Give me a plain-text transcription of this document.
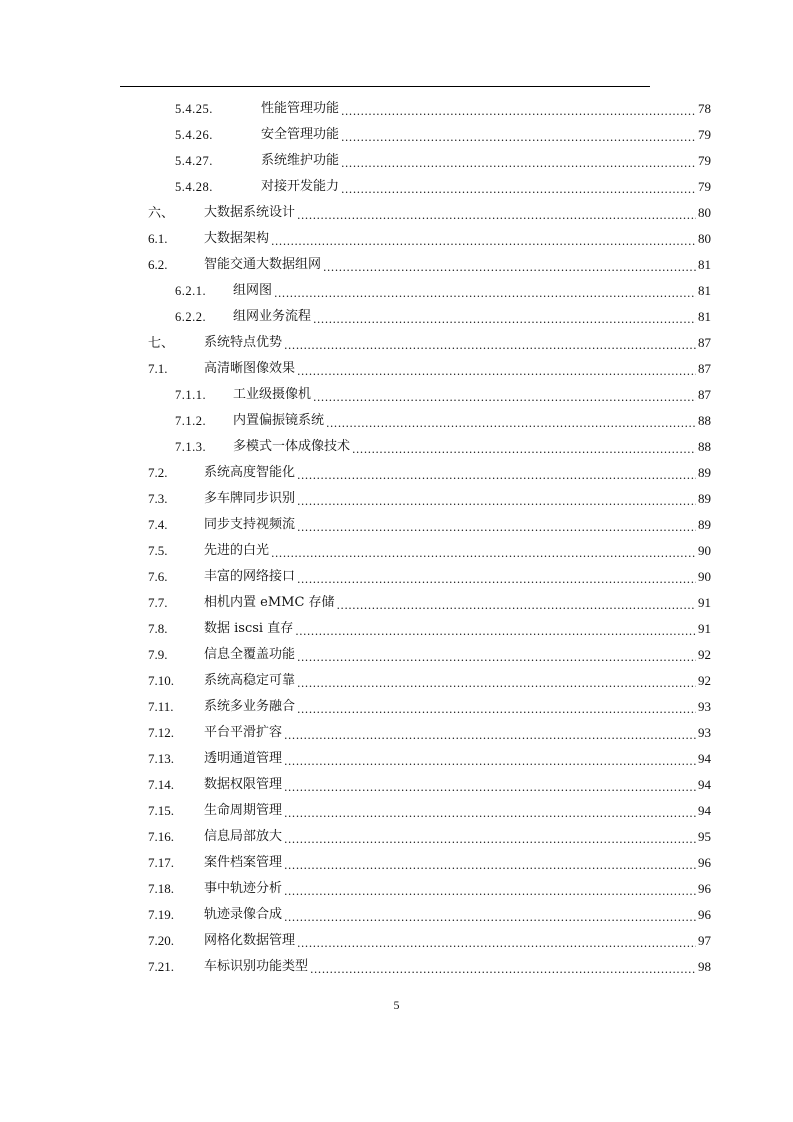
5.4.25.	性能管理功能 .....	78
5.4.26.	安全管理功能 .....	79
5.4.27.	系统维护功能 .....	79
5.4.28.	对接开发能力 .....	79
六、	大数据系统设计 .....	80
6.1.	大数据架构 .....	80
6.2.	智能交通大数据组网 .....	81
6.2.1.	组网图 .....	81
6.2.2.	组网业务流程 .....	81
七、	系统特点优势 .....	87
7.1.	高清晰图像效果 .....	87
7.1.1.	工业级摄像机 .....	87
7.1.2.	内置偏振镜系统 .....	88
7.1.3.	多模式一体成像技术 .....	88
7.2.	系统高度智能化 .....	89
7.3.	多车牌同步识别 .....	89
7.4.	同步支持视频流 .....	89
7.5.	先进的白光 .....	90
7.6.	丰富的网络接口 .....	90
7.7.	相机内置 eMMC 存储 .....	91
7.8.	数据 iscsi 直存 .....	91
7.9.	信息全覆盖功能 .....	92
7.10.	系统高稳定可靠 .....	92
7.11.	系统多业务融合 .....	93
7.12.	平台平滑扩容 .....	93
7.13.	透明通道管理 .....	94
7.14.	数据权限管理 .....	94
7.15.	生命周期管理 .....	94
7.16.	信息局部放大 .....	95
7.17.	案件档案管理 .....	96
7.18.	事中轨迹分析 .....	96
7.19.	轨迹录像合成 .....	96
7.20.	网格化数据管理 .....	97
7.21.	车标识别功能类型 .....	98
5
